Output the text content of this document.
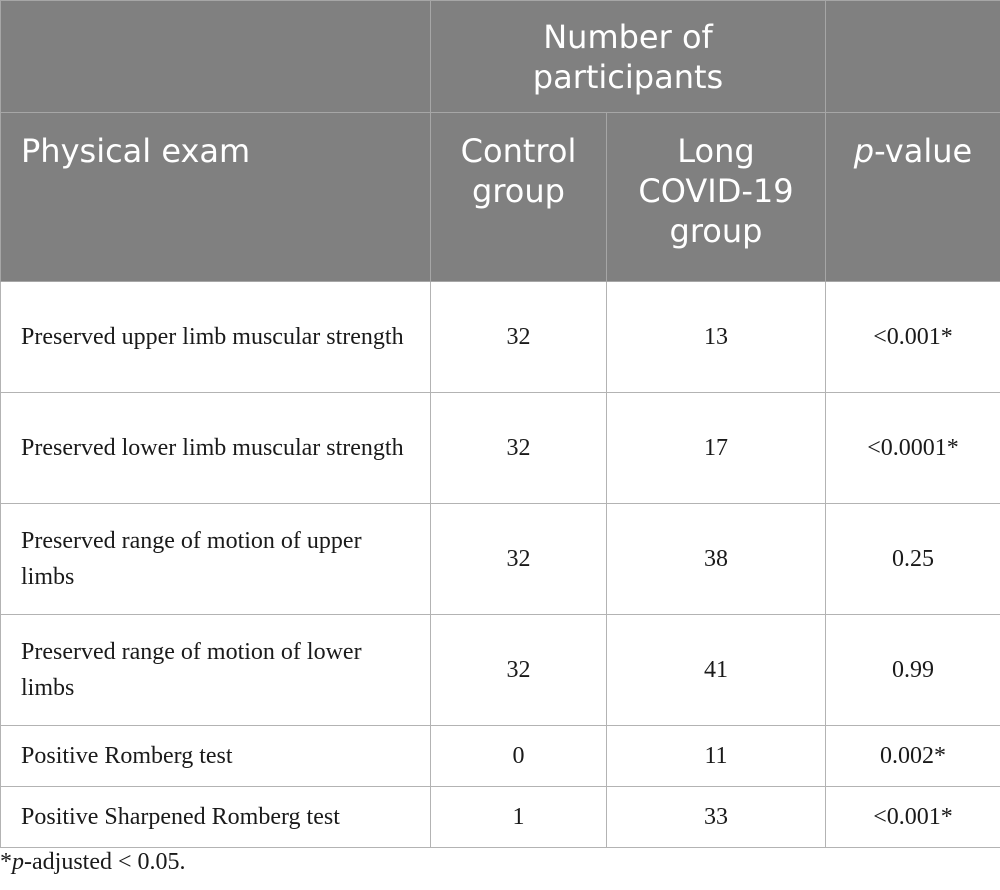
	Number of participants		
Physical exam	Control group	Long COVID-19 group	p-value
Preserved upper limb muscular strength	32	13	<0.001*
Preserved lower limb muscular strength	32	17	<0.0001*
Preserved range of motion of upper limbs	32	38	0.25
Preserved range of motion of lower limbs	32	41	0.99
Positive Romberg test	0	11	0.002*
Positive Sharpened Romberg test	1	33	<0.001*

*p-adjusted < 0.05.
